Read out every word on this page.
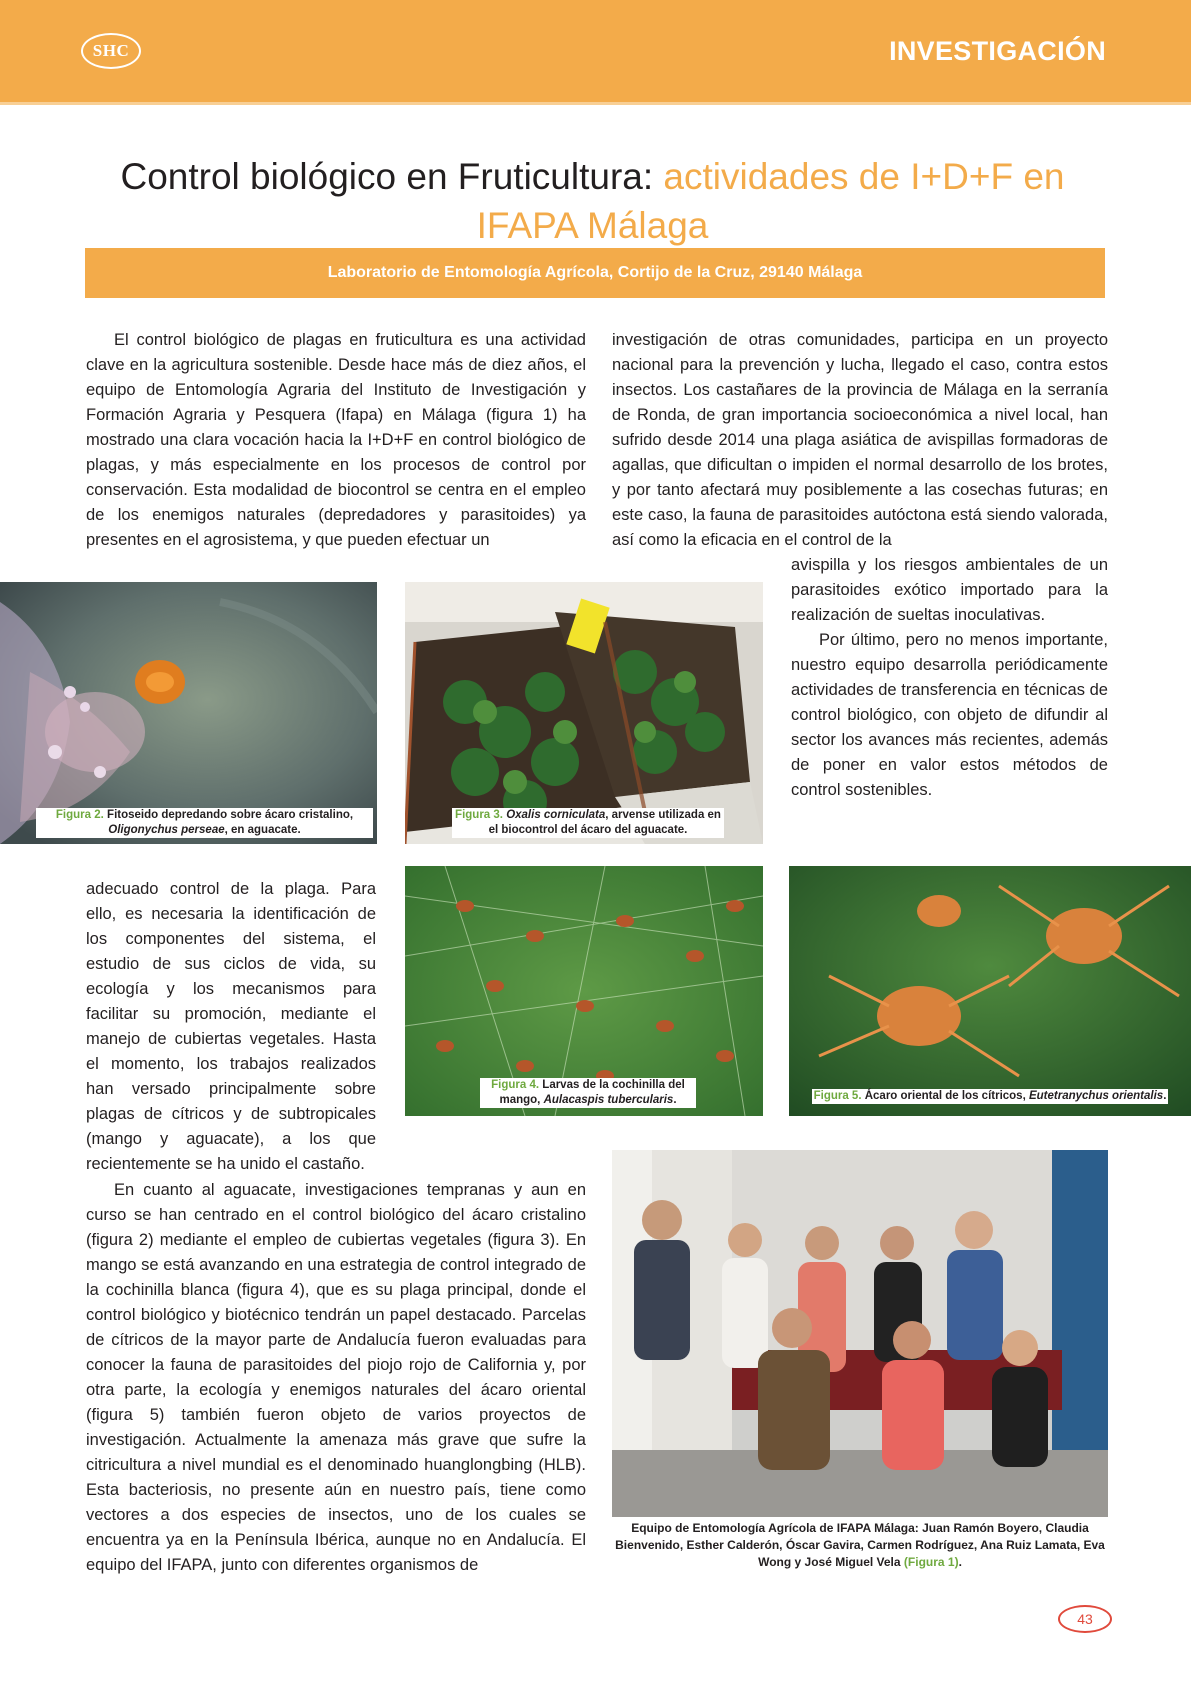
SHC	INVESTIGACIÓN
Control biológico en Fruticultura: actividades de I+D+F en IFAPA Málaga
Laboratorio de Entomología Agrícola, Cortijo de la Cruz, 29140 Málaga

El control biológico de plagas en fruticultura es una actividad clave en la agricultura sostenible. Desde hace más de diez años, el equipo de Entomología Agraria del Instituto de Investigación y Formación Agraria y Pesquera (Ifapa) en Málaga (figura 1) ha mostrado una clara vocación hacia la I+D+F en control biológico de plagas, y más especialmente en los procesos de control por conservación. Esta modalidad de biocontrol se centra en el empleo de los enemigos naturales (depredadores y parasitoides) ya presentes en el agrosistema, y que pueden efectuar un

investigación de otras comunidades, participa en un proyecto nacional para la prevención y lucha, llegado el caso, contra estos insectos. Los castañares de la provincia de Málaga en la serranía de Ronda, de gran importancia socioeconómica a nivel local, han sufrido desde 2014 una plaga asiática de avispillas formadoras de agallas, que dificultan o impiden el normal desarrollo de los brotes, y por tanto afectará muy posiblemente a las cosechas futuras; en este caso, la fauna de parasitoides autóctona está siendo valorada, así como la eficacia en el control de la

avispilla y los riesgos ambientales de un parasitoides exótico importado para la realización de sueltas inoculativas.

Por último, pero no menos importante, nuestro equipo desarrolla periódicamente actividades de transferencia en técnicas de control biológico, con objeto de difundir al sector los avances más recientes, además de poner en valor estos métodos de control sostenibles.

Figura 2. Fitoseido depredando sobre ácaro cristalino, Oligonychus perseae, en aguacate.
Figura 3. Oxalis corniculata, arvense utilizada en el biocontrol del ácaro del aguacate.

adecuado control de la plaga. Para ello, es necesaria la identificación de los componentes del sistema, el estudio de sus ciclos de vida, su ecología y los mecanismos para facilitar su promoción, mediante el manejo de cubiertas vegetales. Hasta el momento, los trabajos realizados han versado principalmente sobre plagas de cítricos y de subtropicales (mango y aguacate), a los que recientemente se ha unido el castaño.

Figura 4. Larvas de la cochinilla del mango, Aulacaspis tubercularis.	Figura 5. Ácaro oriental de los cítricos, Eutetranychus orientalis.

En cuanto al aguacate, investigaciones tempranas y aun en curso se han centrado en el control biológico del ácaro cristalino (figura 2) mediante el empleo de cubiertas vegetales (figura 3). En mango se está avanzando en una estrategia de control integrado de la cochinilla blanca (figura 4), que es su plaga principal, donde el control biológico y biotécnico tendrán un papel destacado. Parcelas de cítricos de la mayor parte de Andalucía fueron evaluadas para conocer la fauna de parasitoides del piojo rojo de California y, por otra parte, la ecología y enemigos naturales del ácaro oriental (figura 5) también fueron objeto de varios proyectos de investigación. Actualmente la amenaza más grave que sufre la citricultura a nivel mundial es el denominado huanglongbing (HLB). Esta bacteriosis, no presente aún en nuestro país, tiene como vectores a dos especies de insectos, uno de los cuales se encuentra ya en la Península Ibérica, aunque no en Andalucía. El equipo del IFAPA, junto con diferentes organismos de

Equipo de Entomología Agrícola de IFAPA Málaga: Juan Ramón Boyero, Claudia Bienvenido, Esther Calderón, Óscar Gavira, Carmen Rodríguez, Ana Ruiz Lamata, Eva Wong y José Miguel Vela (Figura 1).
43
